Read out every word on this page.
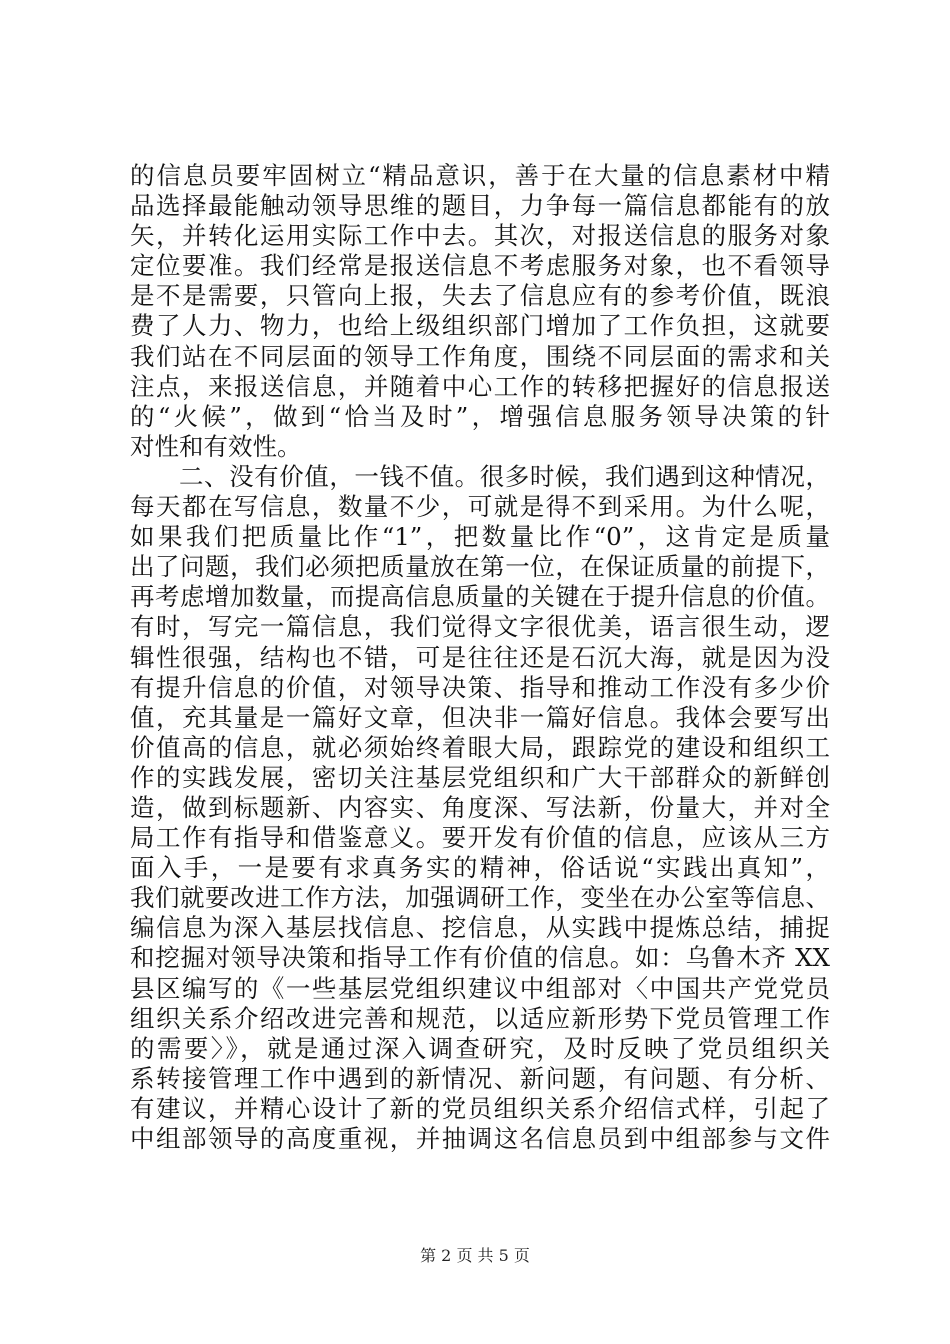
的信息员要牢固树立“精品意识，善于在大量的信息素材中精
品选择最能触动领导思维的题目，力争每一篇信息都能有的放
矢，并转化运用实际工作中去。其次，对报送信息的服务对象
定位要准。我们经常是报送信息不考虑服务对象，也不看领导
是不是需要，只管向上报，失去了信息应有的参考价值，既浪
费了人力、物力，也给上级组织部门增加了工作负担，这就要
我们站在不同层面的领导工作角度，围绕不同层面的需求和关
注点，来报送信息，并随着中心工作的转移把握好的信息报送
的“火候”，做到“恰当及时”，增强信息服务领导决策的针
对性和有效性。
二、没有价值，一钱不值。很多时候，我们遇到这种情况，
每天都在写信息，数量不少，可就是得不到采用。为什么呢，
如果我们把质量比作“1”，把数量比作“0”，这肯定是质量
出了问题，我们必须把质量放在第一位，在保证质量的前提下，
再考虑增加数量，而提高信息质量的关键在于提升信息的价值。
有时，写完一篇信息，我们觉得文字很优美，语言很生动，逻
辑性很强，结构也不错，可是往往还是石沉大海，就是因为没
有提升信息的价值，对领导决策、指导和推动工作没有多少价
值，充其量是一篇好文章，但决非一篇好信息。我体会要写出
价值高的信息，就必须始终着眼大局，跟踪党的建设和组织工
作的实践发展，密切关注基层党组织和广大干部群众的新鲜创
造，做到标题新、内容实、角度深、写法新，份量大，并对全
局工作有指导和借鉴意义。要开发有价值的信息，应该从三方
面入手，一是要有求真务实的精神，俗话说“实践出真知”，
我们就要改进工作方法，加强调研工作，变坐在办公室等信息、
编信息为深入基层找信息、挖信息，从实践中提炼总结，捕捉
和挖掘对领导决策和指导工作有价值的信息。如：乌鲁木齐 XX
县区编写的《一些基层党组织建议中组部对〈中国共产党党员
组织关系介绍改进完善和规范，以适应新形势下党员管理工作
的需要〉》，就是通过深入调查研究，及时反映了党员组织关
系转接管理工作中遇到的新情况、新问题，有问题、有分析、
有建议，并精心设计了新的党员组织关系介绍信式样，引起了
中组部领导的高度重视，并抽调这名信息员到中组部参与文件
第 2 页 共 5 页
